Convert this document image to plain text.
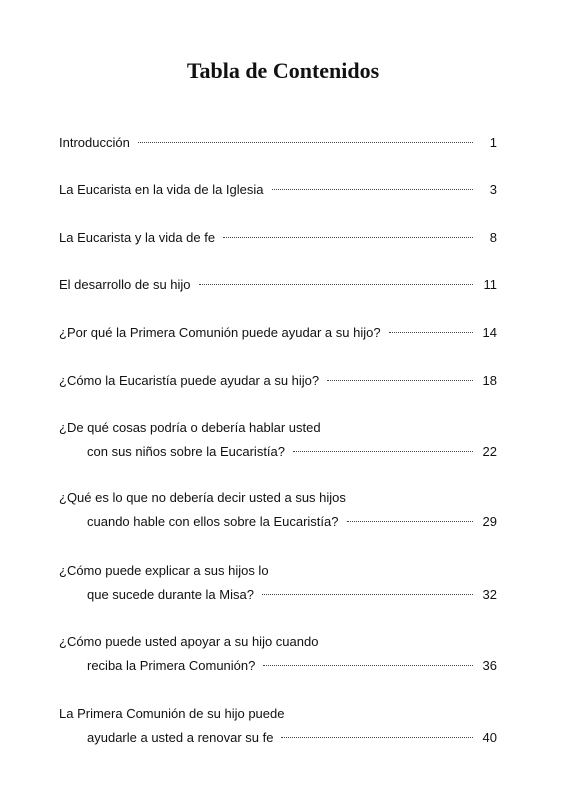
Tabla de Contenidos
Introducción	1
La Eucarista en la vida de la Iglesia	3
La Eucarista y la vida de fe	8
El desarrollo de su hijo	11
¿Por qué la Primera Comunión puede ayudar a su hijo?	14
¿Cómo la Eucaristía puede ayudar a su hijo?	18
¿De qué cosas podría o debería hablar usted
con sus niños sobre la Eucaristía?	22
¿Qué es lo que no debería decir usted a sus hijos
cuando hable con ellos sobre la Eucaristía?	29
¿Cómo puede explicar a sus hijos lo
que sucede durante la Misa?	32
¿Cómo puede usted apoyar a su hijo cuando
reciba la Primera Comunión?	36
La Primera Comunión de su hijo puede
ayudarle a usted a renovar su fe	40
